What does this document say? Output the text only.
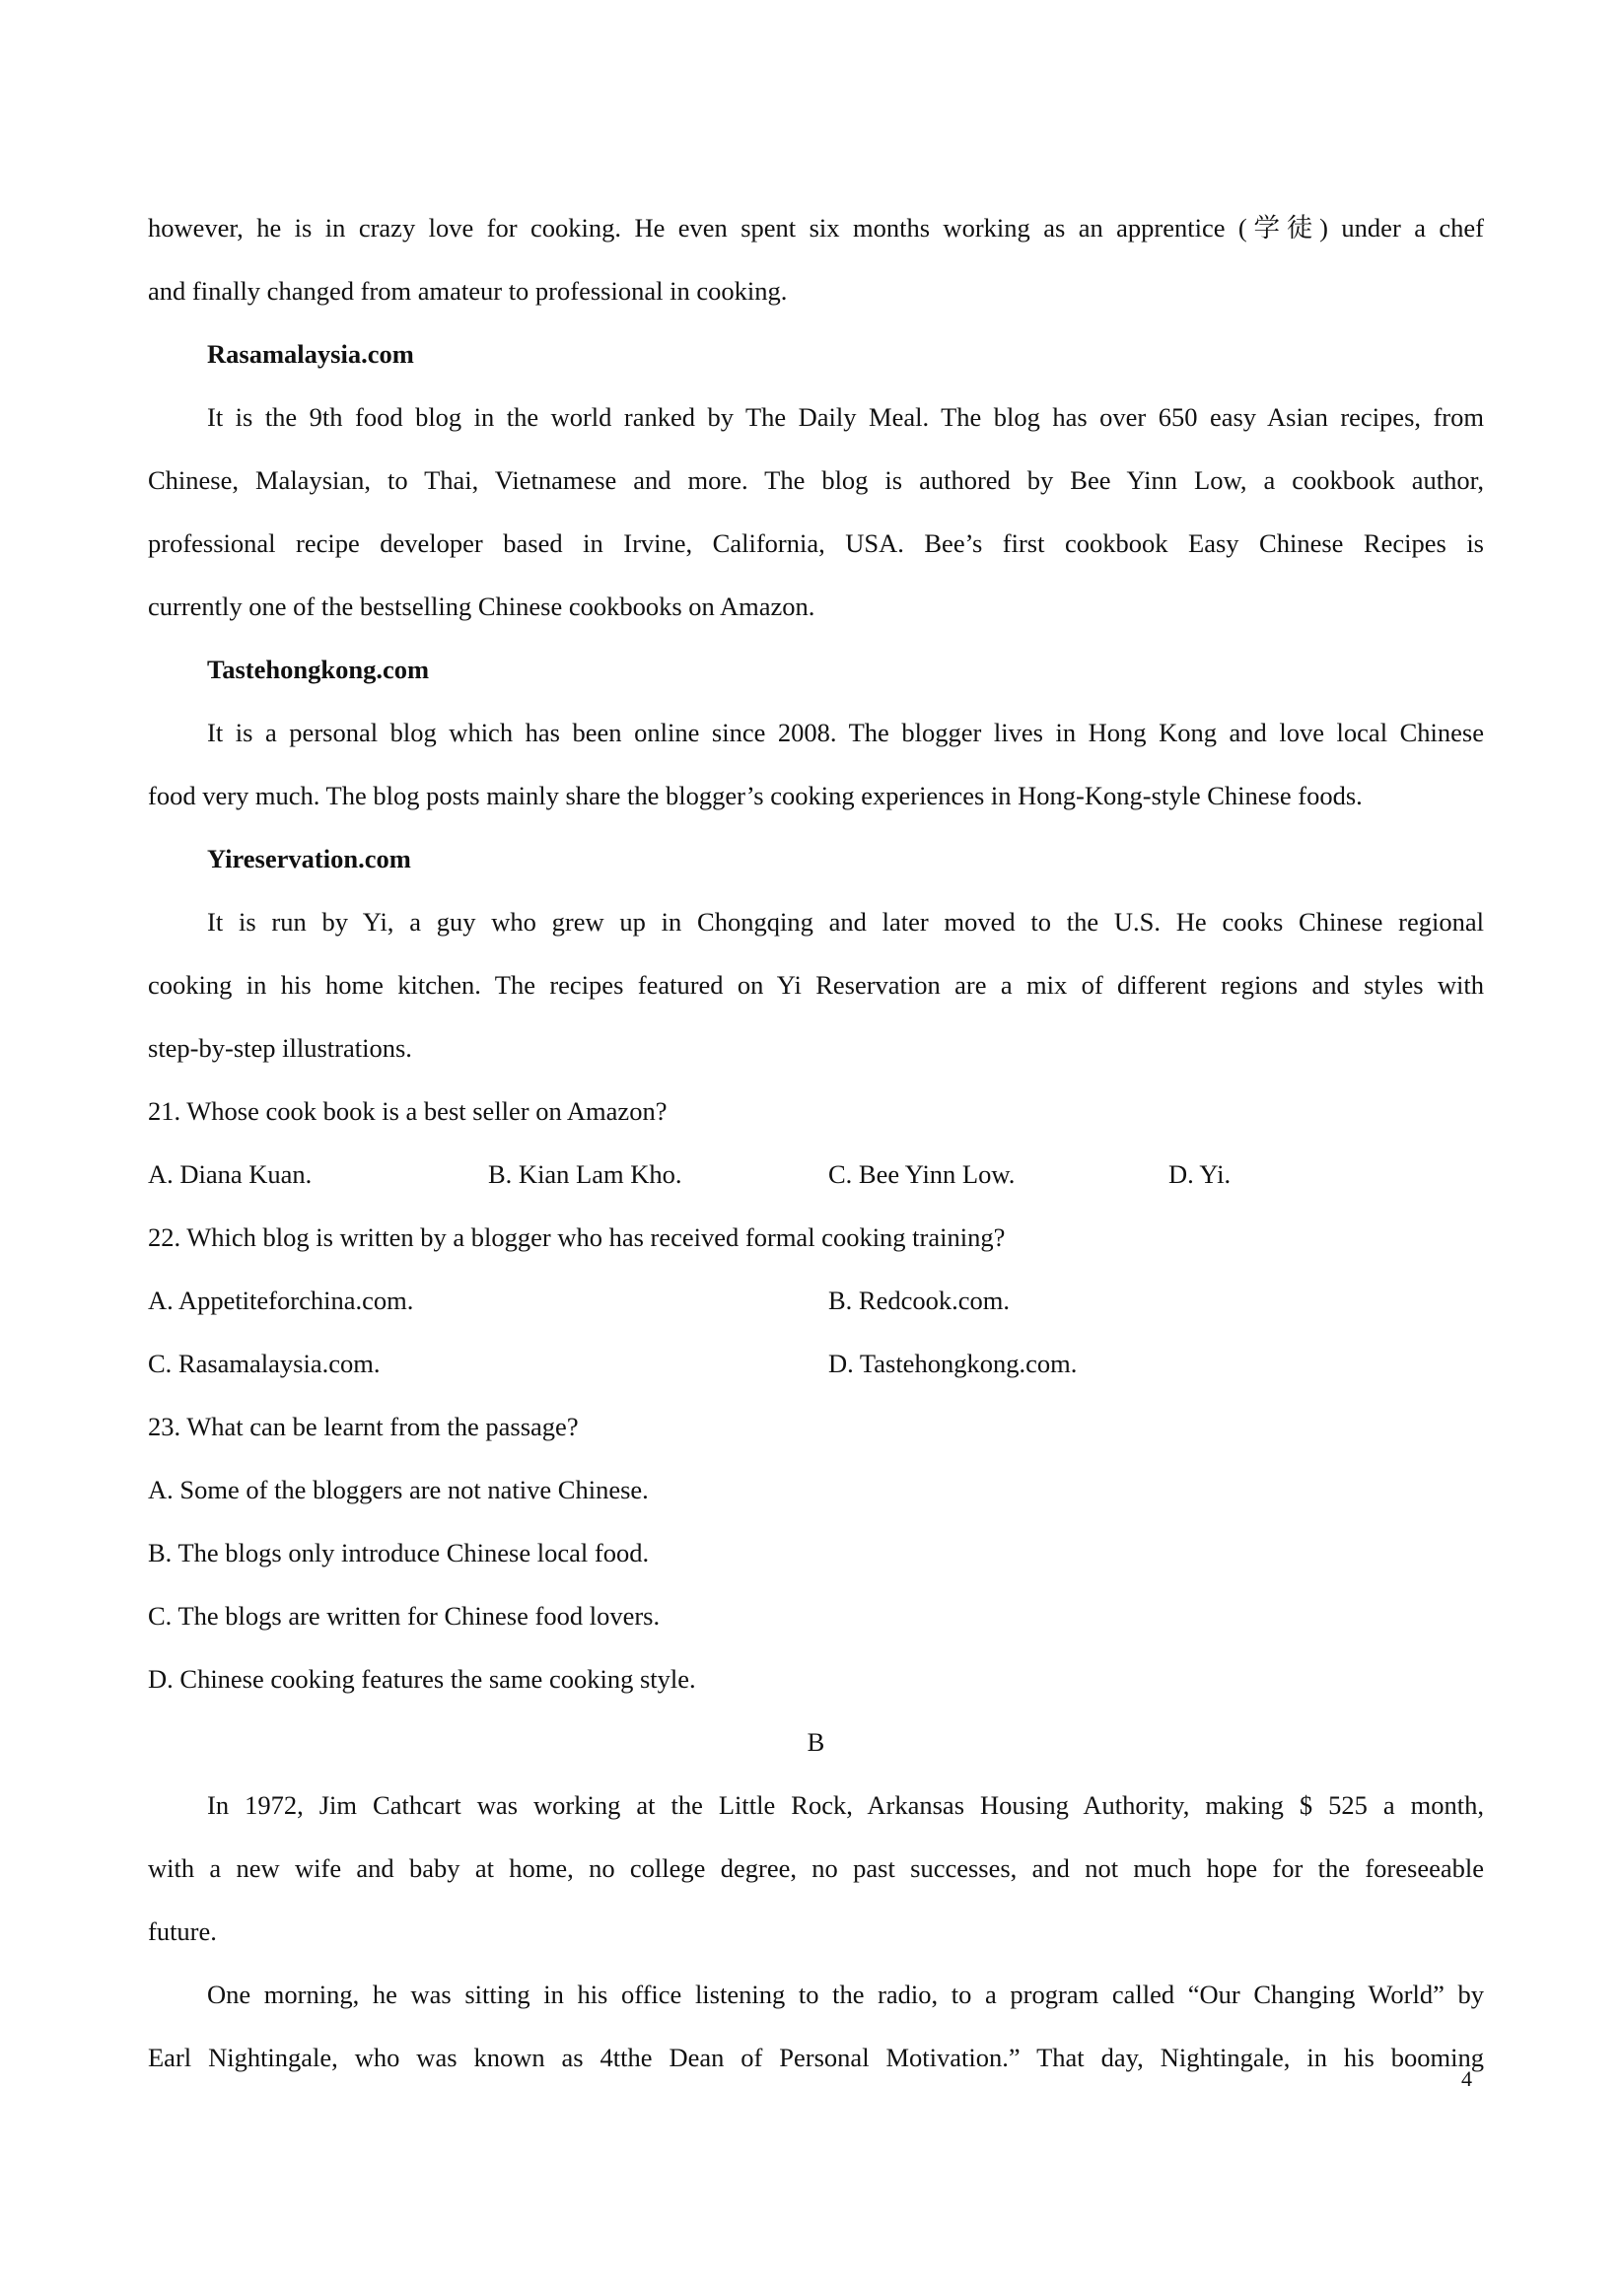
however, he is in crazy love for cooking. He even spent six months working as an apprentice (学徒) under a chef
and finally changed from amateur to professional in cooking.
Rasamalaysia.com
It is the 9th food blog in the world ranked by The Daily Meal. The blog has over 650 easy Asian recipes, from
Chinese, Malaysian, to Thai, Vietnamese and more. The blog is authored by Bee Yinn Low, a cookbook author,
professional recipe developer based in Irvine, California, USA. Bee’s first cookbook Easy Chinese Recipes is
currently one of the bestselling Chinese cookbooks on Amazon.
Tastehongkong.com
It is a personal blog which has been online since 2008. The blogger lives in Hong Kong and love local Chinese
food very much. The blog posts mainly share the blogger’s cooking experiences in Hong-Kong-style Chinese foods.
Yireservation.com
It is run by Yi, a guy who grew up in Chongqing and later moved to the U.S. He cooks Chinese regional
cooking in his home kitchen. The recipes featured on Yi Reservation are a mix of different regions and styles with
step-by-step illustrations.
21. Whose cook book is a best seller on Amazon?
A. Diana Kuan.	B. Kian Lam Kho.	C. Bee Yinn Low.	D. Yi.
22. Which blog is written by a blogger who has received formal cooking training?
A. Appetiteforchina.com.	B. Redcook.com.
C. Rasamalaysia.com.	D. Tastehongkong.com.
23. What can be learnt from the passage?
A. Some of the bloggers are not native Chinese.
B. The blogs only introduce Chinese local food.
C. The blogs are written for Chinese food lovers.
D. Chinese cooking features the same cooking style.
B
In 1972, Jim Cathcart was working at the Little Rock, Arkansas Housing Authority, making $ 525 a month,
with a new wife and baby at home, no college degree, no past successes, and not much hope for the foreseeable
future.
One morning, he was sitting in his office listening to the radio, to a program called “Our Changing World” by
Earl Nightingale, who was known as 4tthe Dean of Personal Motivation.” That day, Nightingale, in his booming
4
